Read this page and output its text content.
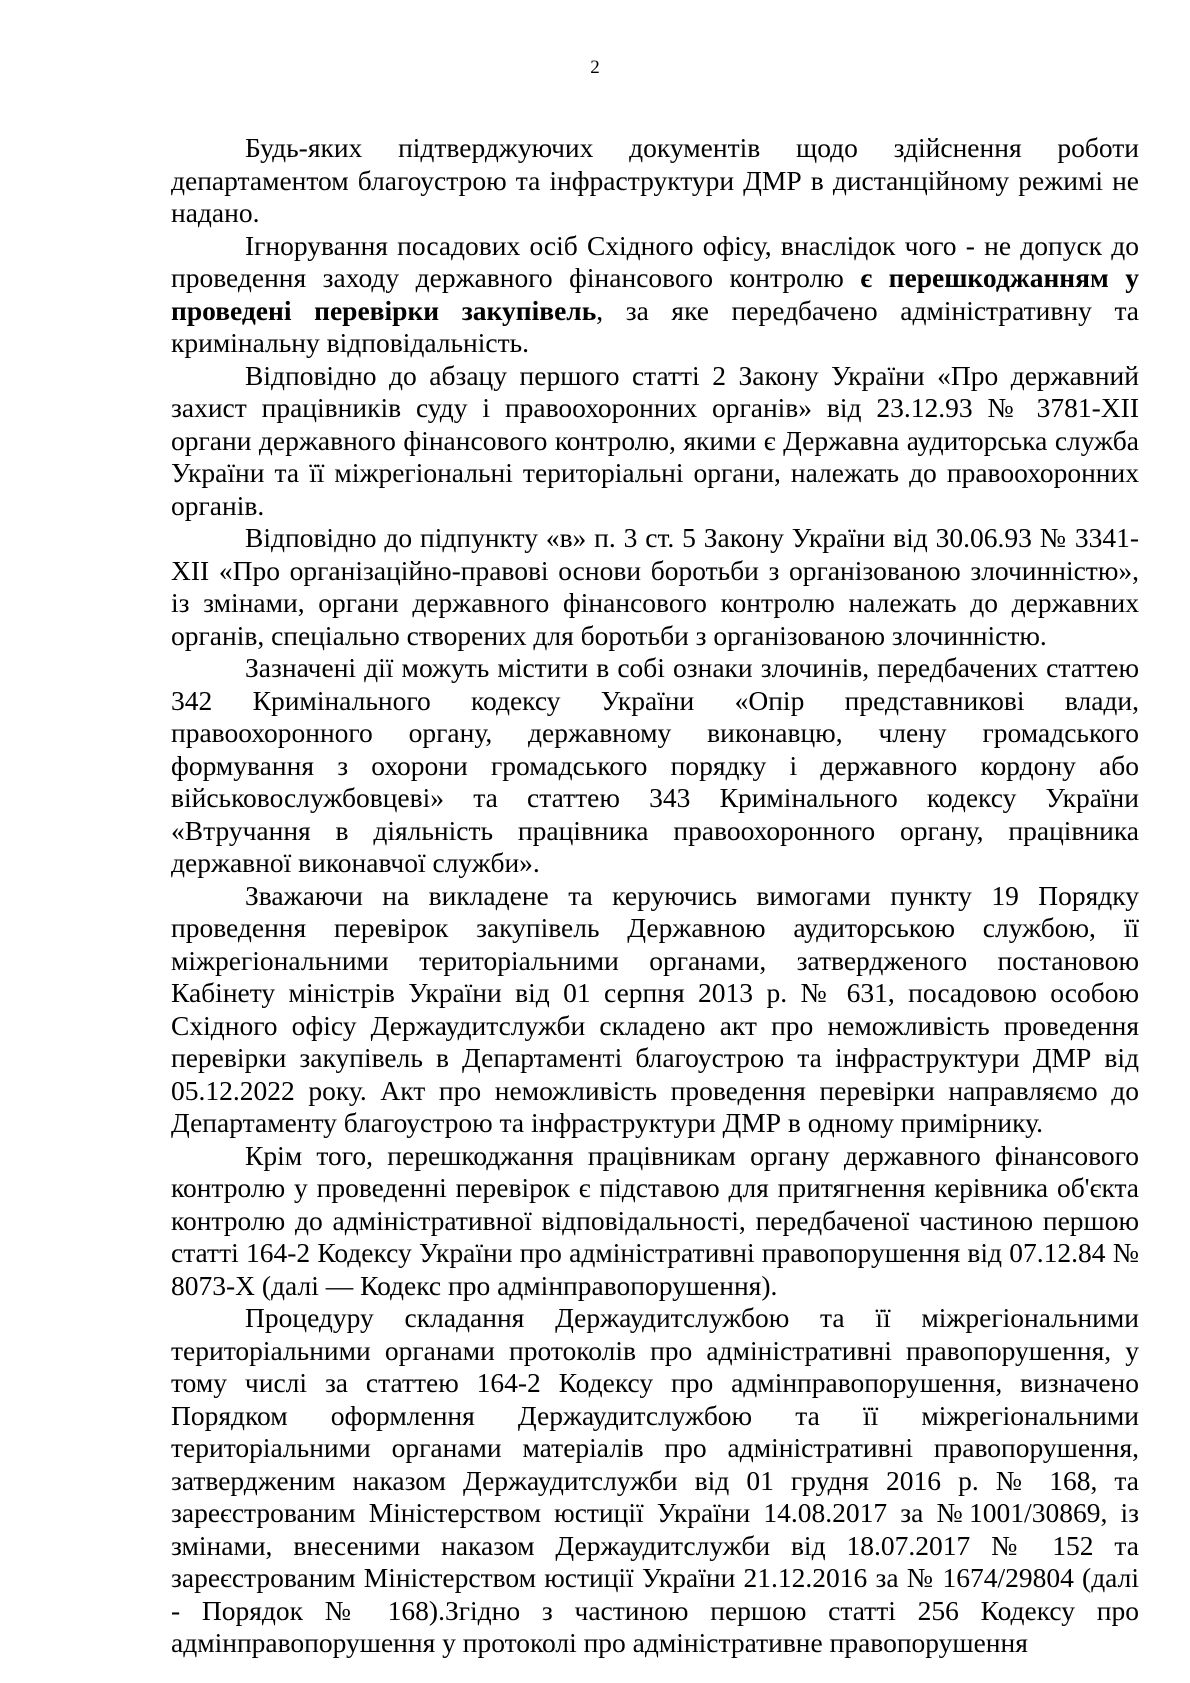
2

Будь-яких підтверджуючих документів щодо здійснення роботи департаментом благоустрою та інфраструктури ДМР в дистанційному режимі не надано.

Ігнорування посадових осіб Східного офісу, внаслідок чого - не допуск до проведення заходу державного фінансового контролю є перешкоджанням у проведені перевірки закупівель, за яке передбачено адміністративну та кримінальну відповідальність.

Відповідно до абзацу першого статті 2 Закону України «Про державний захист працівників суду і правоохоронних органів» від 23.12.93 № 3781-XII органи державного фінансового контролю, якими є Державна аудиторська служба України та її міжрегіональні територіальні органи, належать до правоохоронних органів.

Відповідно до підпункту «в» п. 3 ст. 5 Закону України від 30.06.93 № 3341-XII «Про організаційно-правові основи боротьби з організованою злочинністю», із змінами, органи державного фінансового контролю належать до державних органів, спеціально створених для боротьби з організованою злочинністю.

Зазначені дії можуть містити в собі ознаки злочинів, передбачених статтею 342 Кримінального кодексу України «Опір представникові влади, правоохоронного органу, державному виконавцю, члену громадського формування з охорони громадського порядку і державного кордону або військовослужбовцеві» та статтею 343 Кримінального кодексу України «Втручання в діяльність працівника правоохоронного органу, працівника державної виконавчої служби».

Зважаючи на викладене та керуючись вимогами пункту 19 Порядку проведення перевірок закупівель Державною аудиторською службою, її міжрегіональними територіальними органами, затвердженого постановою Кабінету міністрів України від 01 серпня 2013 р. № 631, посадовою особою Східного офісу Держаудитслужби складено акт про неможливість проведення перевірки закупівель в Департаменті благоустрою та інфраструктури ДМР від 05.12.2022 року. Акт про неможливість проведення перевірки направляємо до Департаменту благоустрою та інфраструктури ДМР в одному примірнику.

Крім того, перешкоджання працівникам органу державного фінансового контролю у проведенні перевірок є підставою для притягнення керівника об'єкта контролю до адміністративної відповідальності, передбаченої частиною першою статті 164-2 Кодексу України про адміністративні правопорушення від 07.12.84 № 8073-X (далі — Кодекс про адмінправопорушення).

Процедуру складання Держаудитслужбою та її міжрегіональними територіальними органами протоколів про адміністративні правопорушення, у тому числі за статтею 164-2 Кодексу про адмінправопорушення, визначено Порядком оформлення Держаудитслужбою та її міжрегіональними територіальними органами матеріалів про адміністративні правопорушення, затвердженим наказом Держаудитслужби від 01 грудня 2016 р. № 168, та зареєстрованим Міністерством юстиції України 14.08.2017 за №1001/30869, із змінами, внесеними наказом Держаудитслужби від 18.07.2017 № 152 та зареєстрованим Міністерством юстиції України 21.12.2016 за № 1674/29804 (далі - Порядок № 168).Згідно з частиною першою статті 256 Кодексу про адмінправопорушення у протоколі про адміністративне правопорушення
